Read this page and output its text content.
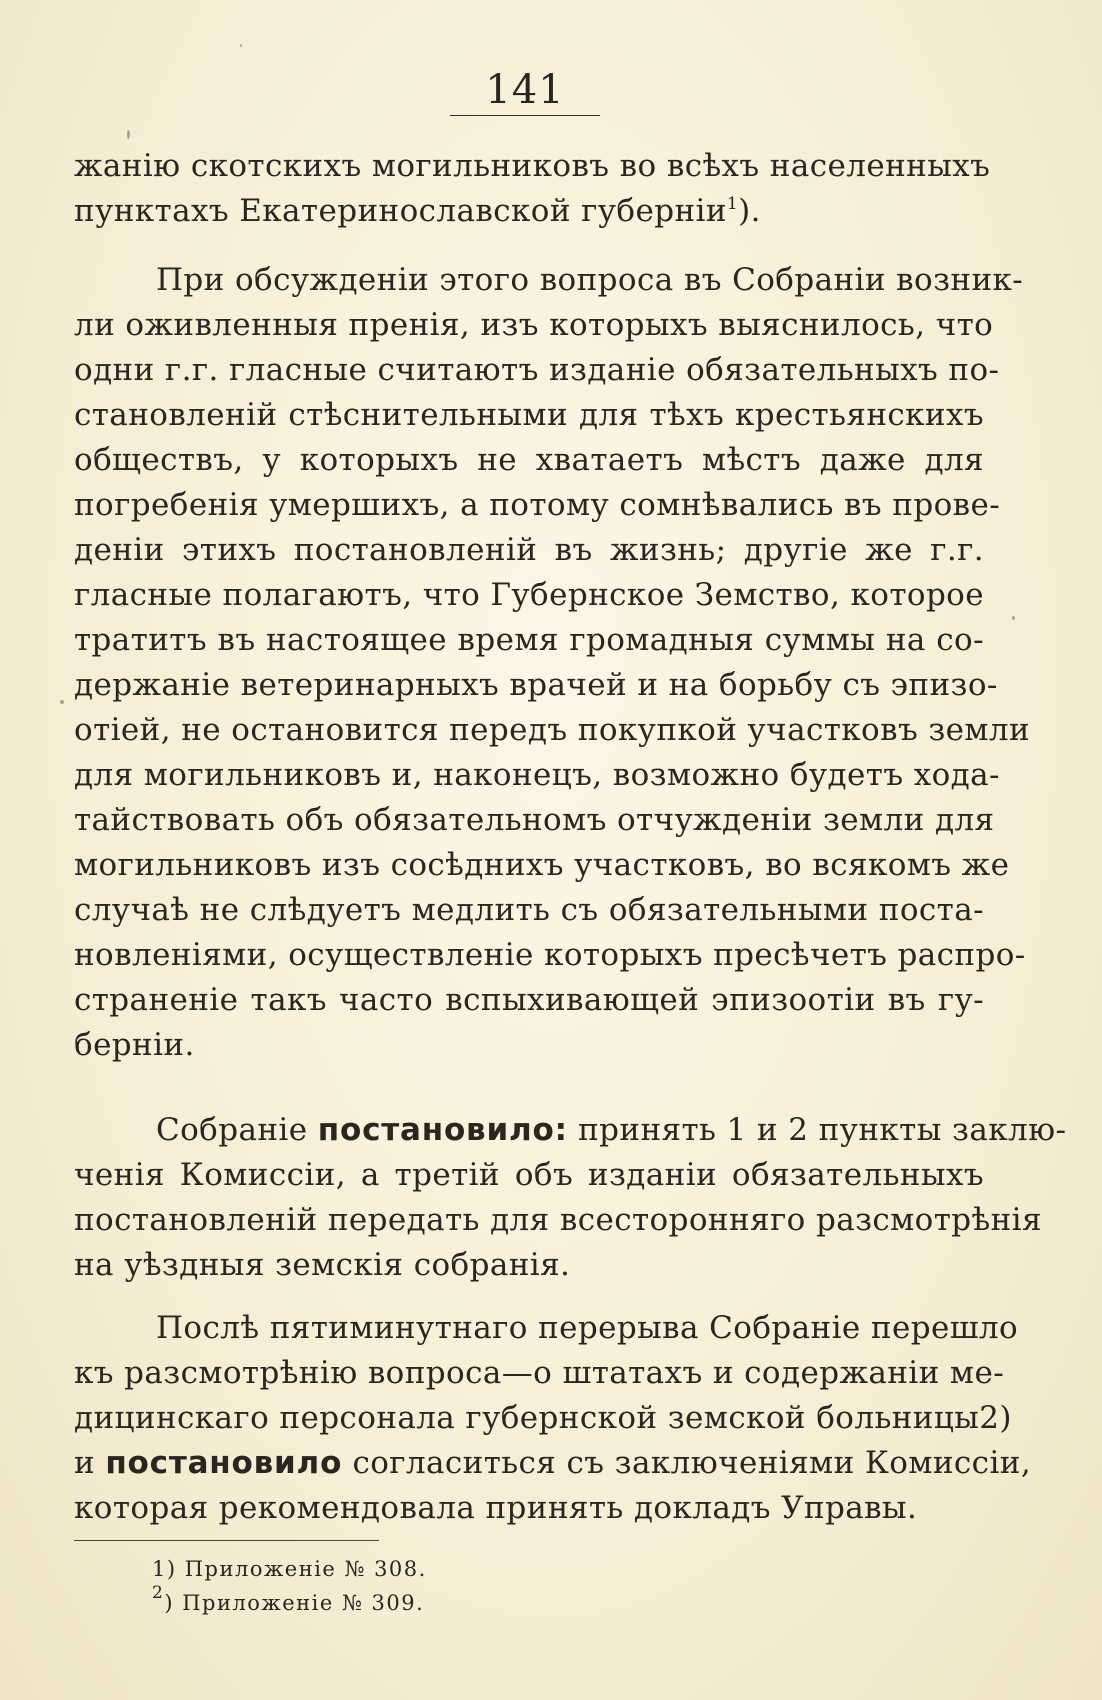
141
жанію скотскихъ могильниковъ во всѣхъ населенныхъ
пунктахъ Екатеринославской губерніи$^1$).
При обсужденіи этого вопроса въ Собраніи возник-
ли оживленныя пренія, изъ которыхъ выяснилось, что
одни г.г. гласные считаютъ изданіе обязательныхъ по-
становленій стѣснительными для тѣхъ крестьянскихъ
обществъ, у которыхъ не хватаетъ мѣстъ даже для
погребенія умершихъ, а потому сомнѣвались въ прове-
деніи этихъ постановленій въ жизнь; другіе же г.г.
гласные полагаютъ, что Губернское Земство, которое
тратитъ въ настоящее время громадныя суммы на со-
держаніе ветеринарныхъ врачей и на борьбу съ эпизо-
отіей, не остановится передъ покупкой участковъ земли
для могильниковъ и, наконецъ, возможно будетъ хода-
тайствовать объ обязательномъ отчужденіи земли для
могильниковъ изъ сосѣднихъ участковъ, во всякомъ же
случаѣ не слѣдуетъ медлить съ обязательными поста-
новленіями, осуществленіе которыхъ пресѣчетъ распро-
страненіе такъ часто вспыхивающей эпизоотіи въ гу-
берніи.
Собраніе постановило: принять 1 и 2 пункты заклю-
ченія Комиссіи, а третій объ изданіи обязательныхъ
постановленій передать для всесторонняго разсмотрѣнія
на уѣздныя земскія собранія.
Послѣ пятиминутнаго перерыва Собраніе перешло
къ разсмотрѣнію вопроса—о штатахъ и содержаніи ме-
дицинскаго персонала губернской земской больницы2)
и постановило согласиться съ заключеніями Комиссіи,
которая рекомендовала принять докладъ Управы.
1) Приложеніе № 308.
$^2$) Приложеніе № 309.
